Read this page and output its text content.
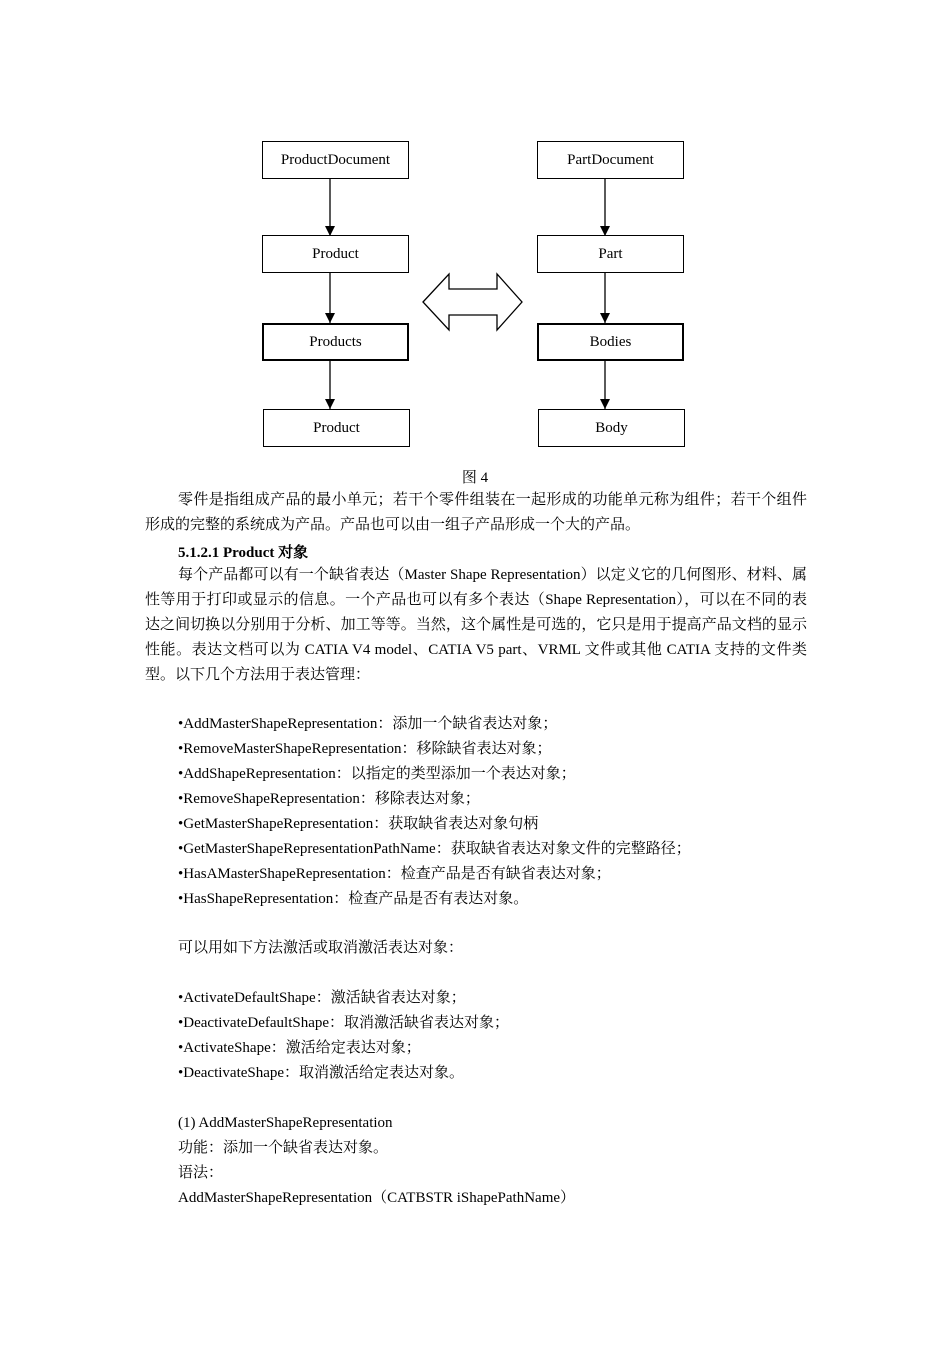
ProductDocument
Product
Products
Product
PartDocument
Part
Bodies
Body
图 4

零件是指组成产品的最小单元；若干个零件组装在一起形成的功能单元称为组件；若干个组件形成的完整的系统成为产品。产品也可以由一组子产品形成一个大的产品。

5.1.2.1 Product 对象

每个产品都可以有一个缺省表达（Master Shape Representation）以定义它的几何图形、材料、属性等用于打印或显示的信息。一个产品也可以有多个表达（Shape Representation），可以在不同的表达之间切换以分别用于分析、加工等等。当然，这个属性是可选的，它只是用于提高产品文档的显示性能。表达文档可以为 CATIA V4 model、CATIA V5 part、VRML 文件或其他 CATIA 支持的文件类型。以下几个方法用于表达管理：

• AddMasterShapeRepresentation：添加一个缺省表达对象；
• RemoveMasterShapeRepresentation：移除缺省表达对象；
• AddShapeRepresentation：以指定的类型添加一个表达对象；
• RemoveShapeRepresentation：移除表达对象；
• GetMasterShapeRepresentation：获取缺省表达对象句柄
• GetMasterShapeRepresentationPathName：获取缺省表达对象文件的完整路径；
• HasAMasterShapeRepresentation：检查产品是否有缺省表达对象；
• HasShapeRepresentation：检查产品是否有表达对象。

可以用如下方法激活或取消激活表达对象：

• ActivateDefaultShape：激活缺省表达对象；
• DeactivateDefaultShape：取消激活缺省表达对象；
• ActivateShape：激活给定表达对象；
• DeactivateShape：取消激活给定表达对象。

(1) AddMasterShapeRepresentation

功能：添加一个缺省表达对象。

语法：

AddMasterShapeRepresentation（CATBSTR iShapePathName）
